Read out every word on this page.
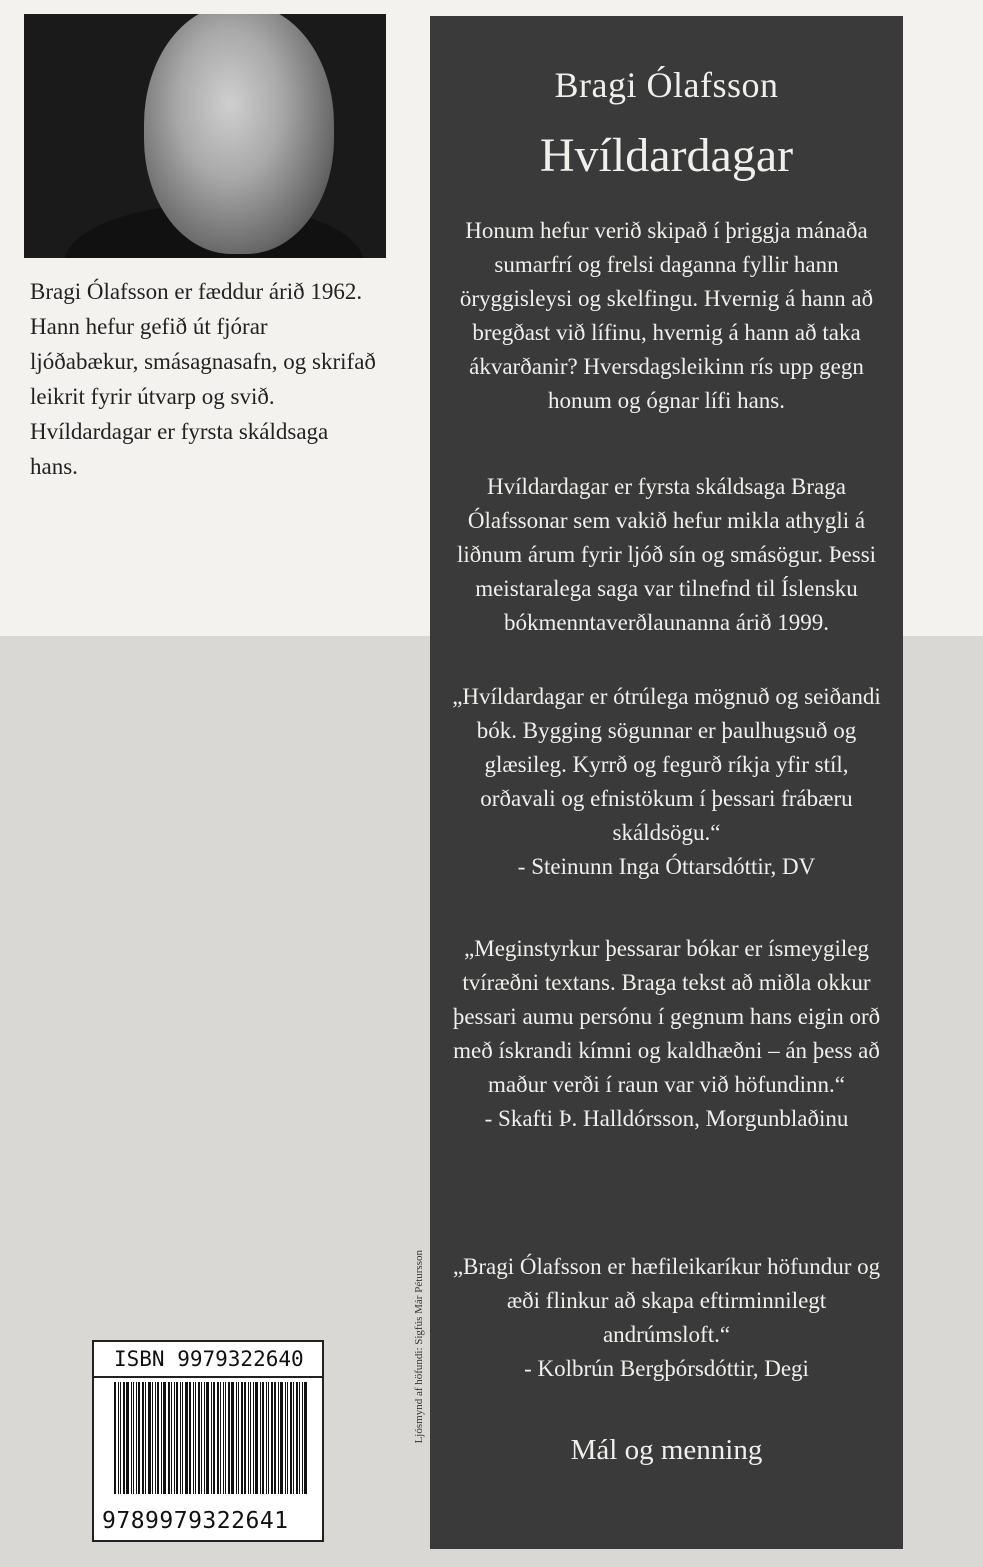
Bragi Ólafsson er fæddur árið 1962. Hann hefur gefið út fjórar ljóðabækur, smásagnasafn, og skrifað leikrit fyrir útvarp og svið. Hvíldardagar er fyrsta skáldsaga hans.
Bragi Ólafsson
Hvíldardagar
Honum hefur verið skipað í þriggja mánaða sumarfrí og frelsi daganna fyllir hann öryggisleysi og skelfingu. Hvernig á hann að bregðast við lífinu, hvernig á hann að taka ákvarðanir? Hversdagsleikinn rís upp gegn honum og ógnar lífi hans.
Hvíldardagar er fyrsta skáldsaga Braga Ólafssonar sem vakið hefur mikla athygli á liðnum árum fyrir ljóð sín og smásögur. Þessi meistaralega saga var tilnefnd til Íslensku bókmenntaverðlaunanna árið 1999.
„Hvíldardagar er ótrúlega mögnuð og seiðandi bók. Bygging sögunnar er þaulhugsuð og glæsileg. Kyrrð og fegurð ríkja yfir stíl, orðavali og efnistökum í þessari frábæru skáldsögu.“
- Steinunn Inga Óttarsdóttir, DV
„Meginstyrkur þessarar bókar er ísmeygileg tvíræðni textans. Braga tekst að miðla okkur þessari aumu persónu í gegnum hans eigin orð með ískrandi kímni og kaldhæðni – án þess að maður verði í raun var við höfundinn.“
- Skafti Þ. Halldórsson, Morgunblaðinu
„Bragi Ólafsson er hæfileikaríkur höfundur og æði flinkur að skapa eftirminnilegt andrúmsloft.“
- Kolbrún Bergþórsdóttir, Degi
Mál og menning
Ljósmynd af höfundi: Sigfús Már Pétursson
ISBN 9979322640
9789979322641
